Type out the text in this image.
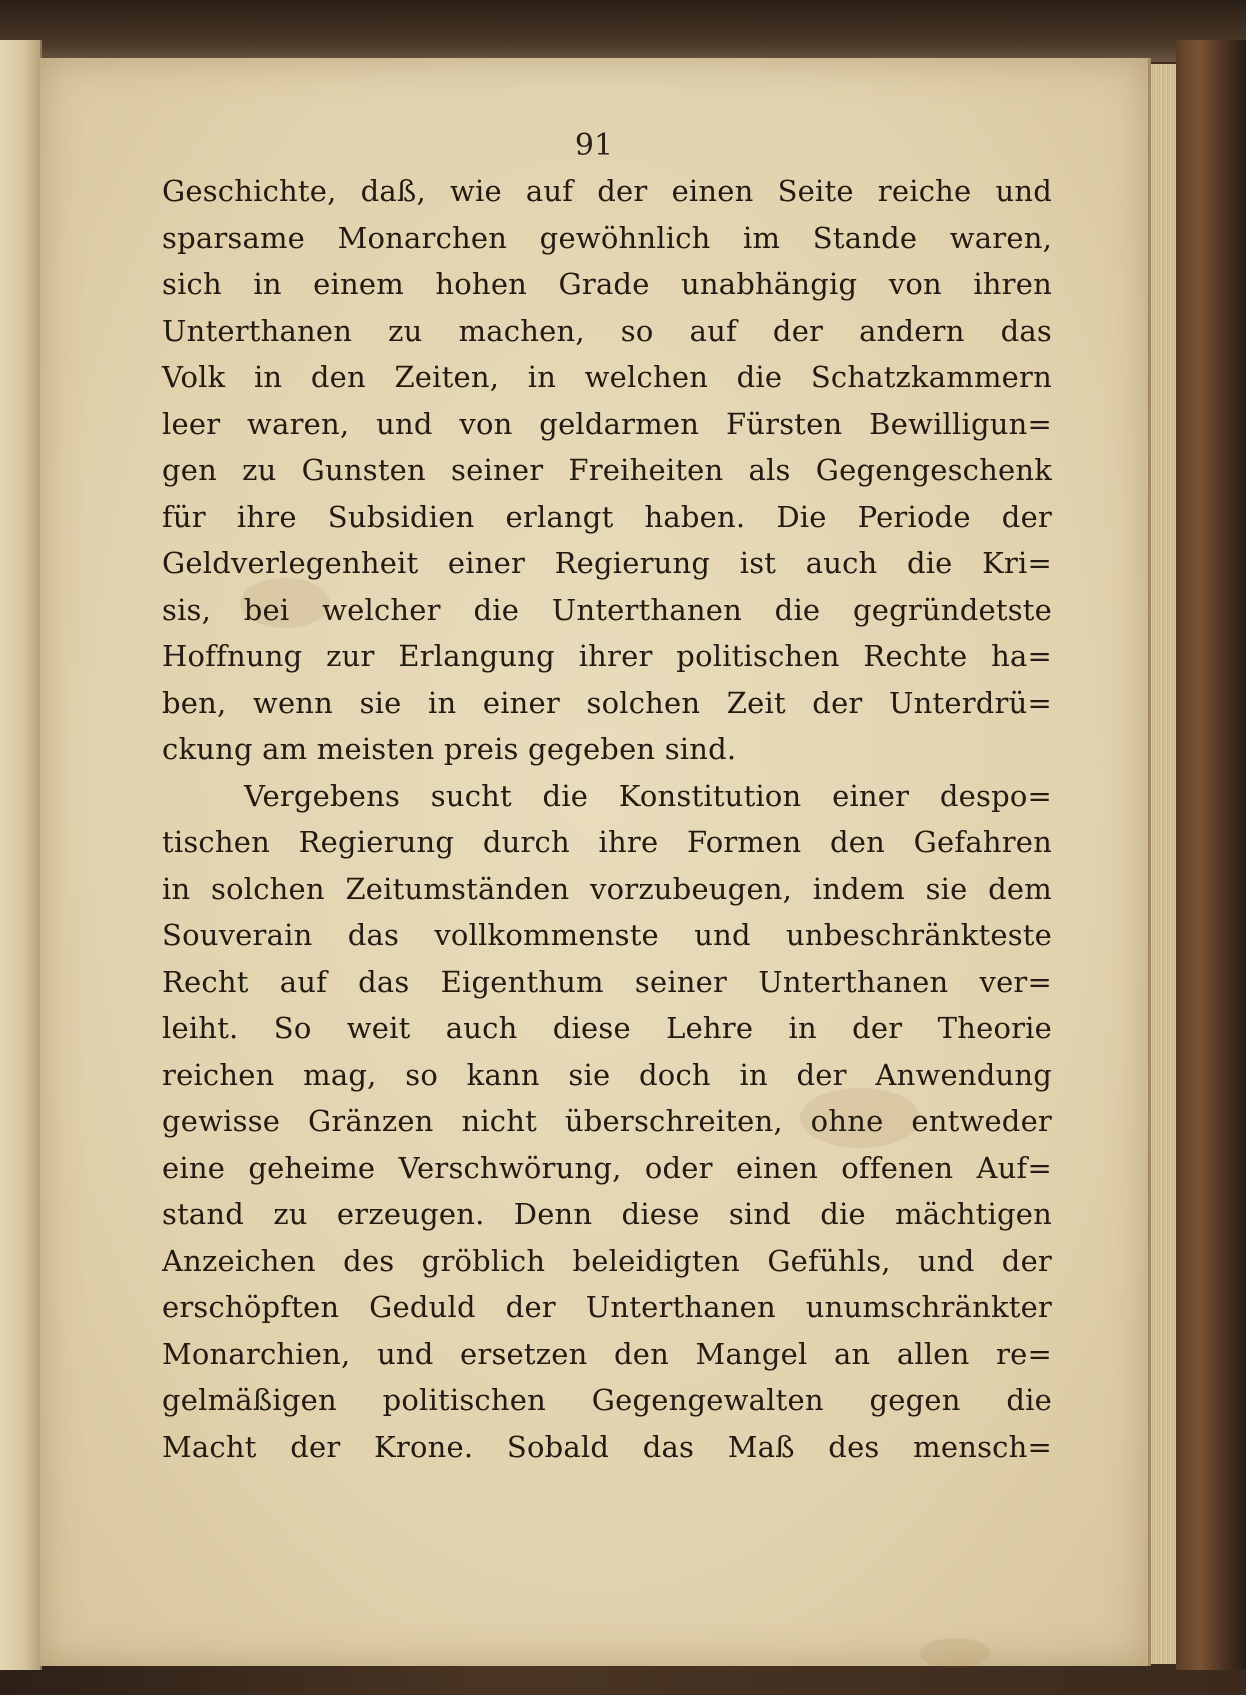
91
Geschichte, daß, wie auf der einen Seite reiche und
sparsame Monarchen gewöhnlich im Stande waren,
sich in einem hohen Grade unabhängig von ihren
Unterthanen zu machen, so auf der andern das
Volk in den Zeiten, in welchen die Schatzkammern
leer waren, und von geldarmen Fürsten Bewilligun=
gen zu Gunsten seiner Freiheiten als Gegengeschenk
für ihre Subsidien erlangt haben. Die Periode der
Geldverlegenheit einer Regierung ist auch die Kri=
sis, bei welcher die Unterthanen die gegründetste
Hoffnung zur Erlangung ihrer politischen Rechte ha=
ben, wenn sie in einer solchen Zeit der Unterdrü=
ckung am meisten preis gegeben sind.
Vergebens sucht die Konstitution einer despo=
tischen Regierung durch ihre Formen den Gefahren
in solchen Zeitumständen vorzubeugen, indem sie dem
Souverain das vollkommenste und unbeschränkteste
Recht auf das Eigenthum seiner Unterthanen ver=
leiht. So weit auch diese Lehre in der Theorie
reichen mag, so kann sie doch in der Anwendung
gewisse Gränzen nicht überschreiten, ohne entweder
eine geheime Verschwörung, oder einen offenen Auf=
stand zu erzeugen. Denn diese sind die mächtigen
Anzeichen des gröblich beleidigten Gefühls, und der
erschöpften Geduld der Unterthanen unumschränkter
Monarchien, und ersetzen den Mangel an allen re=
gelmäßigen politischen Gegengewalten gegen die
Macht der Krone. Sobald das Maß des mensch=
